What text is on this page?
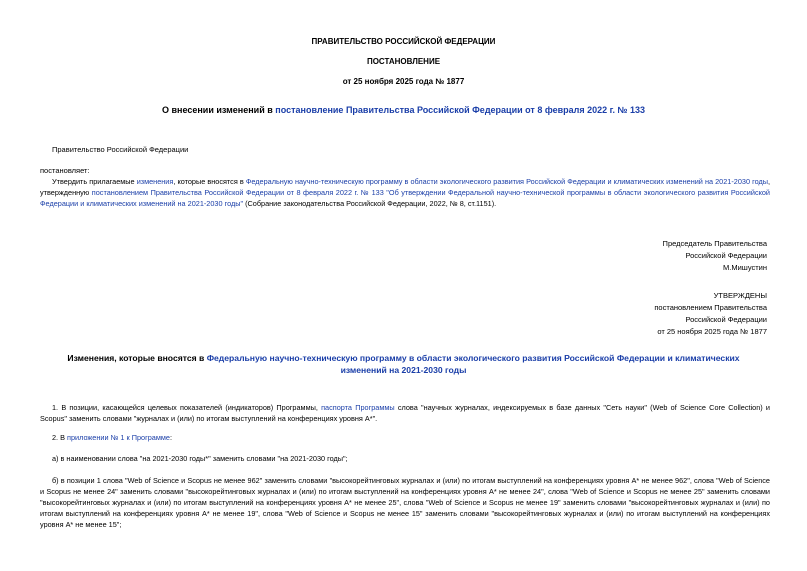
ПРАВИТЕЛЬСТВО РОССИЙСКОЙ ФЕДЕРАЦИИ
ПОСТАНОВЛЕНИЕ
от 25 ноября 2025 года № 1877
О внесении изменений в постановление Правительства Российской Федерации от 8 февраля 2022 г. № 133
Правительство Российской Федерации
постановляет:
Утвердить прилагаемые изменения, которые вносятся в Федеральную научно-техническую программу в области экологического развития Российской Федерации и климатических изменений на 2021-2030 годы, утвержденную постановлением Правительства Российской Федерации от 8 февраля 2022 г. № 133 "Об утверждении Федеральной научно-технической программы в области экологического развития Российской Федерации и климатических изменений на 2021-2030 годы" (Собрание законодательства Российской Федерации, 2022, № 8, ст.1151).
Председатель Правительства
Российской Федерации
М.Мишустин
УТВЕРЖДЕНЫ
постановлением Правительства
Российской Федерации
от 25 ноября 2025 года № 1877
Изменения, которые вносятся в Федеральную научно-техническую программу в области экологического развития Российской Федерации и климатических изменений на 2021-2030 годы
1. В позиции, касающейся целевых показателей (индикаторов) Программы, паспорта Программы слова "научных журналах, индексируемых в базе данных "Сеть науки" (Web of Science Core Collection) и Scopus" заменить словами "журналах и (или) по итогам выступлений на конференциях уровня А*".
2. В приложении № 1 к Программе:
а) в наименовании слова "на 2021-2030 годы*" заменить словами "на 2021-2030 годы";
б) в позиции 1 слова "Web of Science и Scopus не менее 962" заменить словами "высокорейтинговых журналах и (или) по итогам выступлений на конференциях уровня А* не менее 962", слова "Web of Science и Scopus не менее 24" заменить словами "высокорейтинговых журналах и (или) по итогам выступлений на конференциях уровня А* не менее 24", слова "Web of Science и Scopus не менее 25" заменить словами "высокорейтинговых журналах и (или) по итогам выступлений на конференциях уровня А* не менее 25", слова "Web of Science и Scopus не менее 19" заменить словами "высокорейтинговых журналах и (или) по итогам выступлений на конференциях уровня А* не менее 19", слова "Web of Science и Scopus не менее 15" заменить словами "высокорейтинговых журналах и (или) по итогам выступлений на конференциях уровня А* не менее 15";
